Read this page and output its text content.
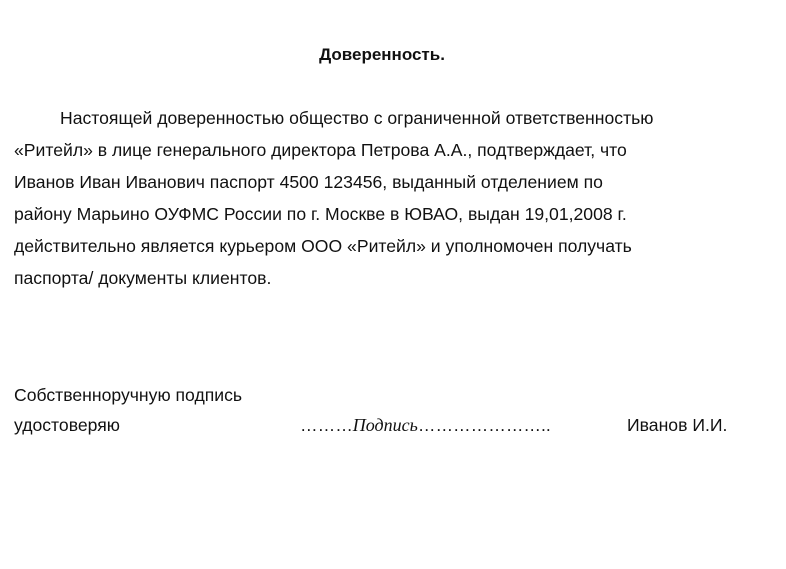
Доверенность.
Настоящей доверенностью общество с ограниченной ответственностью
«Ритейл» в лице генерального директора Петрова А.А., подтверждает, что
Иванов Иван Иванович паспорт 4500 123456, выданный отделением по
району Марьино ОУФМС России по г. Москве в ЮВАО, выдан 19,01,2008 г.
действительно является курьером ООО «Ритейл» и уполномочен получать
паспорта/ документы клиентов.
Собственноручную подпись
удостоверяю	………Подпись…………………..	Иванов И.И.
